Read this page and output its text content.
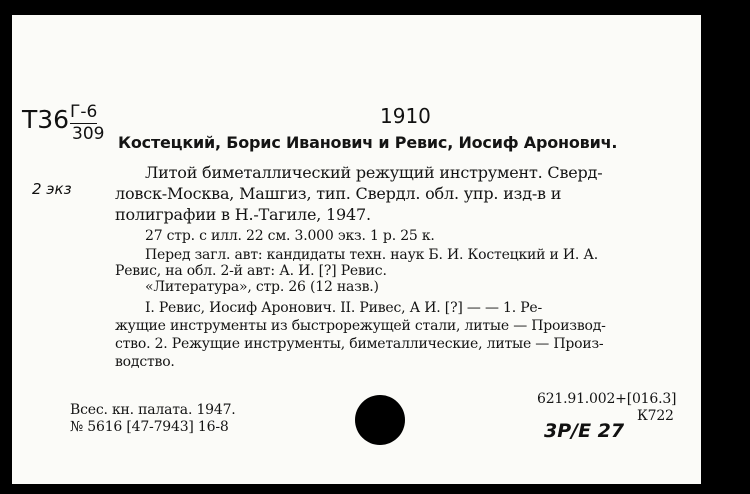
Т36 Г-6
309
2 экз
1910
Костецкий, Борис Иванович и Ревис, Иосиф Аронович.
Литой биметаллический режущий инструмент. Сверд-
ловск-Москва, Машгиз, тип. Свердл. обл. упр. изд-в и
полиграфии в Н.-Тагиле, 1947.
27 стр. с илл. 22 см. 3.000 экз. 1 р. 25 к.
Перед загл. авт: кандидаты техн. наук Б. И. Костецкий и И. А.
Ревис, на обл. 2-й авт: А. И. [?] Ревис.
«Литература», стр. 26 (12 назв.)
I. Ревис, Иосиф Аронович. II. Ривес, А И. [?] — — 1. Ре-
жущие инструменты из быстрорежущей стали, литые — Производ-
ство. 2. Режущие инструменты, биметаллические, литые — Произ-
водство.
Всес. кн. палата. 1947.
№ 5616 [47-7943] 16-8
621.91.002+[016.3]
К722
3Р/Е 27
